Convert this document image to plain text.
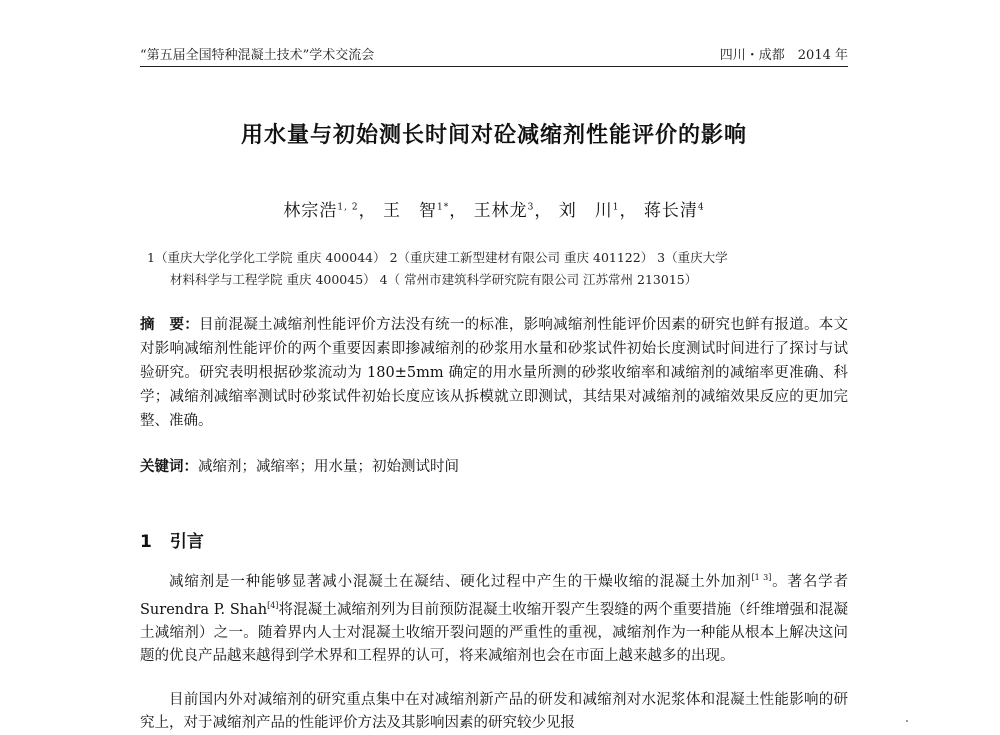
“第五届全国特种混凝土技术”学术交流会	四川・成都　2014 年
用水量与初始测长时间对砼减缩剂性能评价的影响
林宗浩$^{1, 2}$， 王　智$^{1*}$， 王林龙$^3$， 刘　川$^1$， 蒋长清$^4$
1（重庆大学化学化工学院 重庆 400044） 2（重庆建工新型建材有限公司 重庆 401122） 3（重庆大学
材料科学与工程学院 重庆 400045） 4（ 常州市建筑科学研究院有限公司 江苏常州 213015）
摘　要：目前混凝土减缩剂性能评价方法没有统一的标准，影响减缩剂性能评价因素的研究也鲜有报道。本文对影响减缩剂性能评价的两个重要因素即掺减缩剂的砂浆用水量和砂浆试件初始长度测试时间进行了探讨与试验研究。研究表明根据砂浆流动为 180±5mm 确定的用水量所测的砂浆收缩率和减缩剂的减缩率更准确、科学；减缩剂减缩率测试时砂浆试件初始长度应该从拆模就立即测试，其结果对减缩剂的减缩效果反应的更加完整、准确。
关键词：减缩剂；减缩率；用水量；初始测试时间
1 引言
减缩剂是一种能够显著减小混凝土在凝结、硬化过程中产生的干燥收缩的混凝土外加剂[1 3]。著名学者 Surendra P. Shah[4]将混凝土减缩剂列为目前预防混凝土收缩开裂产生裂缝的两个重要措施（纤维增强和混凝土减缩剂）之一。随着界内人士对混凝土收缩开裂问题的严重性的重视，减缩剂作为一种能从根本上解决这问题的优良产品越来越得到学术界和工程界的认可，将来减缩剂也会在市面上越来越多的出现。
目前国内外对减缩剂的研究重点集中在对减缩剂新产品的研发和减缩剂对水泥浆体和混凝土性能影响的研究上，对于减缩剂产品的性能评价方法及其影响因素的研究较少见报
